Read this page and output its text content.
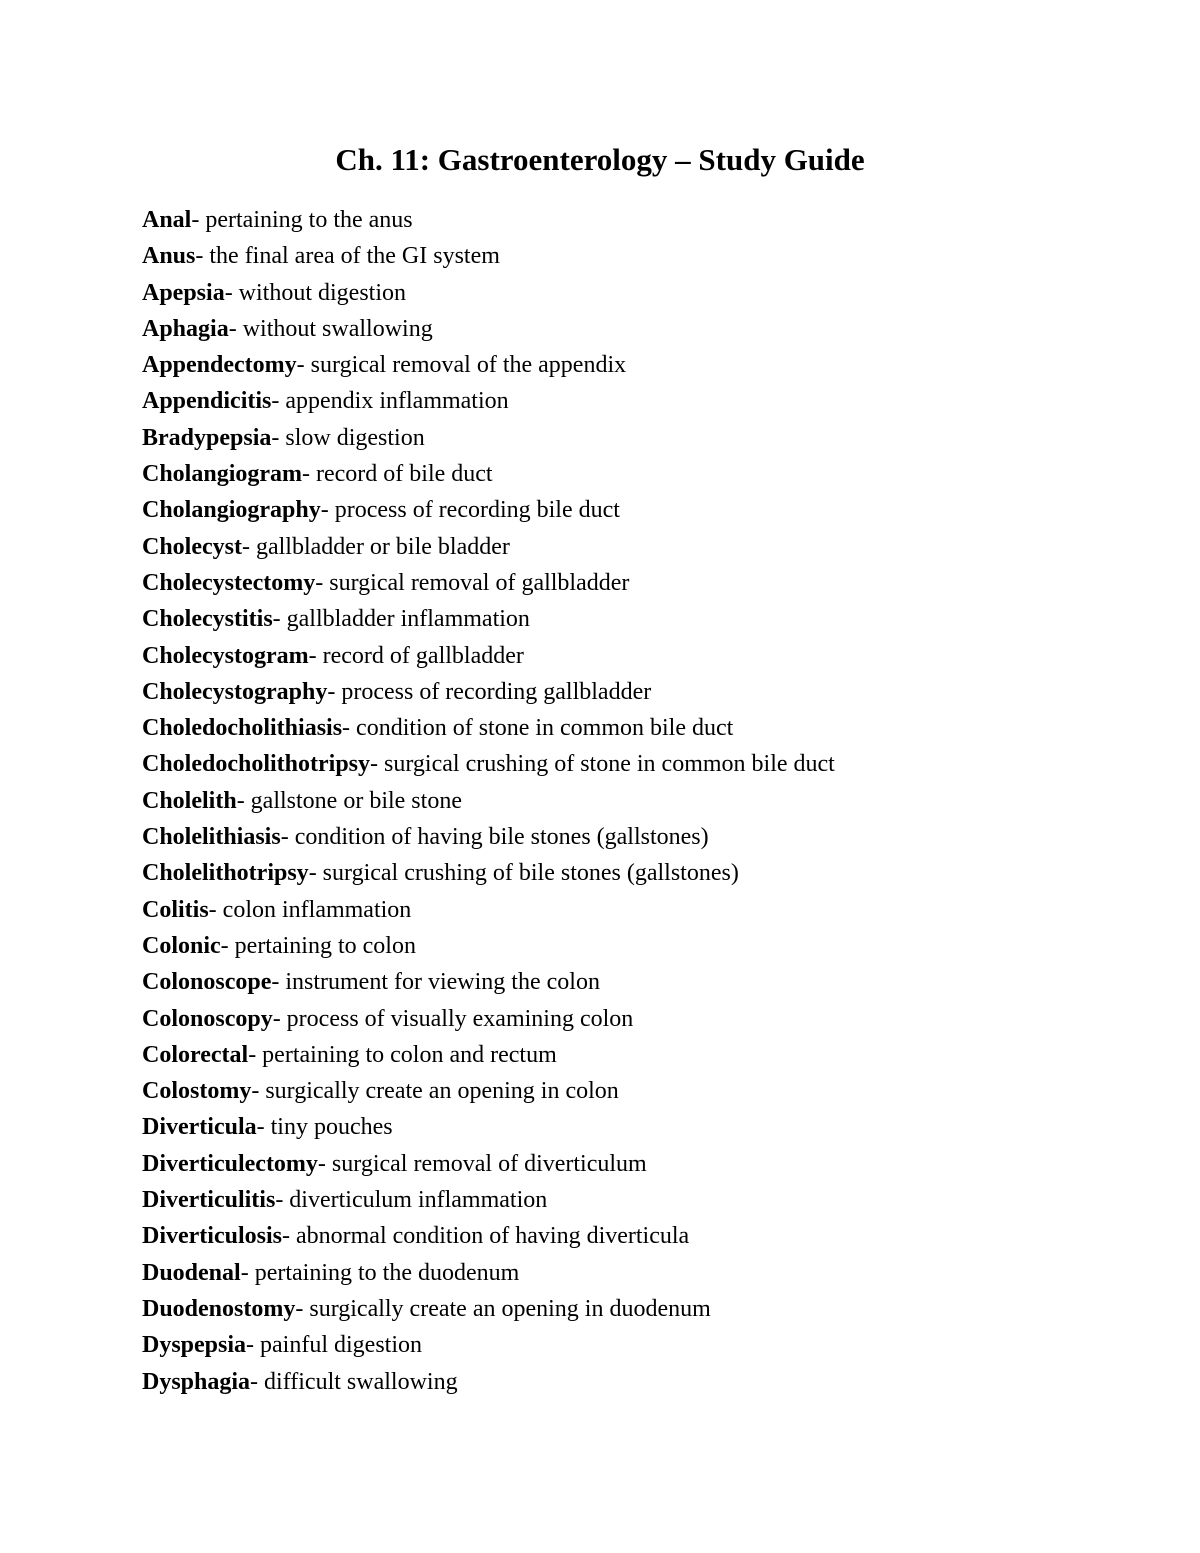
Ch. 11: Gastroenterology – Study Guide
Anal- pertaining to the anus
Anus- the final area of the GI system
Apepsia- without digestion
Aphagia- without swallowing
Appendectomy- surgical removal of the appendix
Appendicitis- appendix inflammation
Bradypepsia- slow digestion
Cholangiogram- record of bile duct
Cholangiography- process of recording bile duct
Cholecyst- gallbladder or bile bladder
Cholecystectomy- surgical removal of gallbladder
Cholecystitis- gallbladder inflammation
Cholecystogram- record of gallbladder
Cholecystography- process of recording gallbladder
Choledocholithiasis- condition of stone in common bile duct
Choledocholithotripsy- surgical crushing of stone in common bile duct
Cholelith- gallstone or bile stone
Cholelithiasis- condition of having bile stones (gallstones)
Cholelithotripsy- surgical crushing of bile stones (gallstones)
Colitis- colon inflammation
Colonic- pertaining to colon
Colonoscope- instrument for viewing the colon
Colonoscopy- process of visually examining colon
Colorectal- pertaining to colon and rectum
Colostomy- surgically create an opening in colon
Diverticula- tiny pouches
Diverticulectomy- surgical removal of diverticulum
Diverticulitis- diverticulum inflammation
Diverticulosis- abnormal condition of having diverticula
Duodenal- pertaining to the duodenum
Duodenostomy- surgically create an opening in duodenum
Dyspepsia- painful digestion
Dysphagia- difficult swallowing
